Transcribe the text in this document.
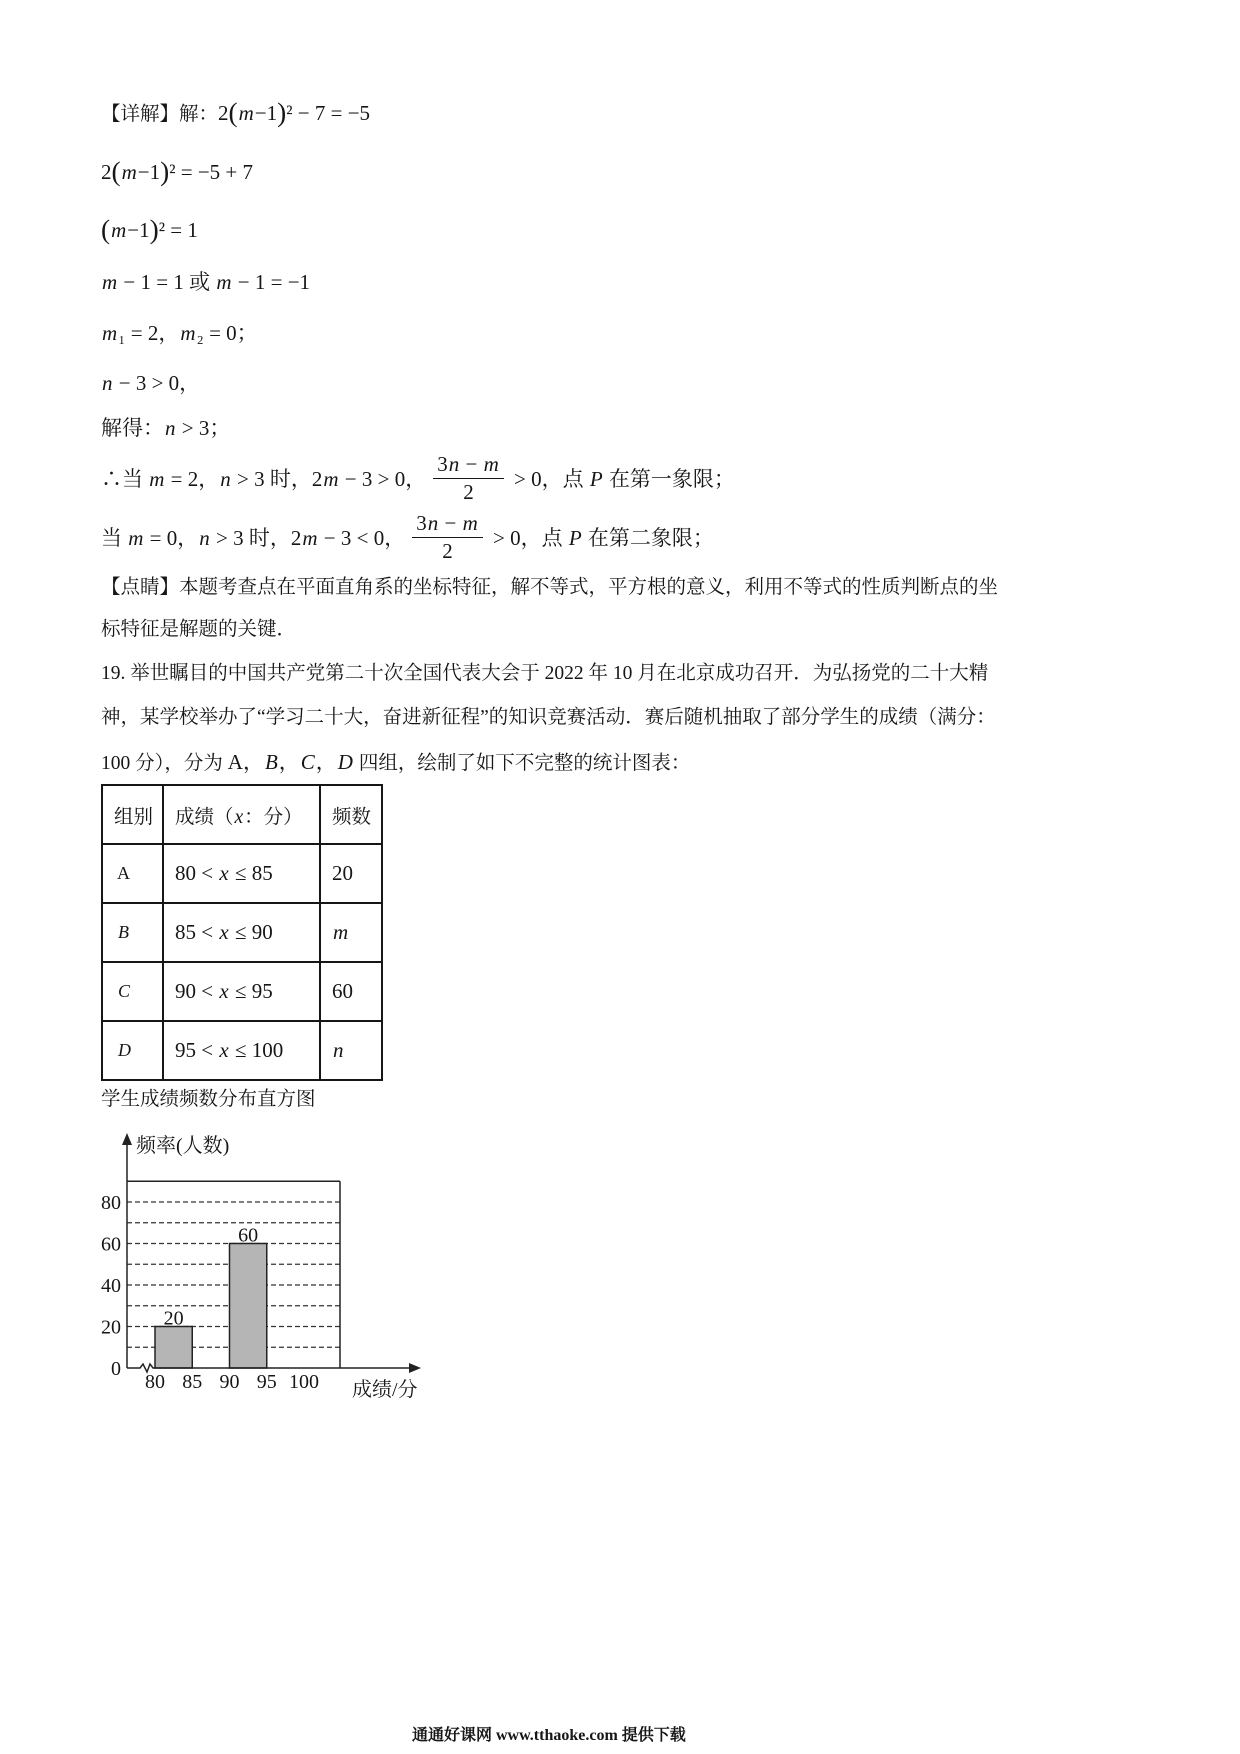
【详解】解：2(m−1)² − 7 = −5
2(m−1)² = −5 + 7
(m−1)² = 1
m − 1 = 1 或 m − 1 = −1
m₁ = 2，m₂ = 0；
n − 3 > 0，
解得：n > 3；
∴当 m = 2，n > 3 时，2m − 3 > 0， $\frac{3n - m}{2} > 0$，点 P 在第一象限；
当 m = 0，n > 3 时，2m − 3 < 0， $\frac{3n - m}{2} > 0$，点 P 在第二象限；
【点睛】本题考查点在平面直角系的坐标特征，解不等式，平方根的意义，利用不等式的性质判断点的坐
标特征是解题的关键．
19. 举世瞩目的中国共产党第二十次全国代表大会于 2022 年 10 月在北京成功召开．为弘扬党的二十大精
神，某学校举办了“学习二十大，奋进新征程”的知识竞赛活动．赛后随机抽取了部分学生的成绩（满分：
100 分），分为 A，B，C，D 四组，绘制了如下不完整的统计图表：
组别	成绩（x：分）	频数
A	80 < x ≤ 85	20
B	85 < x ≤ 90	m
C	90 < x ≤ 95	60
D	95 < x ≤ 100	n
学生成绩频数分布直方图
20
60
0
20
40
60
80
80 85 90 95 100
频率(人数)
成绩/分
通通好课网 www.tthaoke.com 提供下载
